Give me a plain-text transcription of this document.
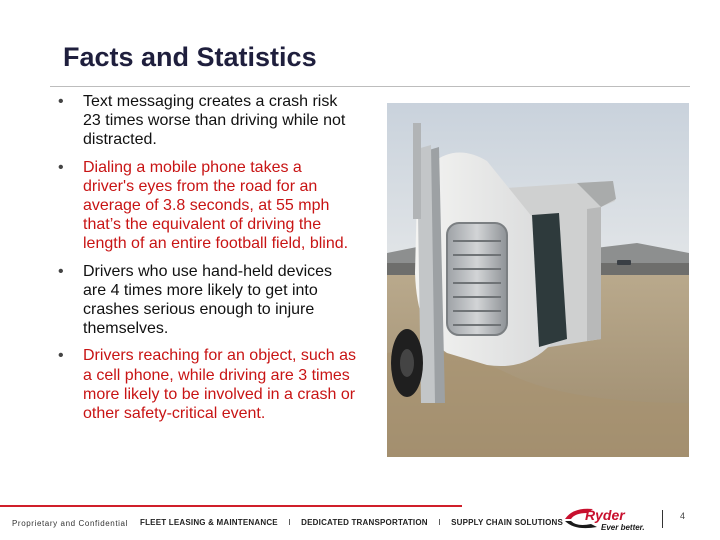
Facts and Statistics
• Text messaging creates a crash risk 23 times worse than driving while not distracted.
• Dialing a mobile phone takes a driver's eyes from the road for an average of 3.8 seconds, at 55 mph that’s the equivalent of driving the length of an entire football field, blind.
• Drivers who use hand-held devices are 4 times more likely to get into crashes serious enough to injure themselves.
• Drivers reaching for an object, such as a cell phone, while driving are 3 times more likely to be involved in a crash or other safety-critical event.
Proprietary and Confidential FLEET LEASING & MAINTENANCE I DEDICATED TRANSPORTATION I SUPPLY CHAIN SOLUTIONS Ryder
Ever better.
4
